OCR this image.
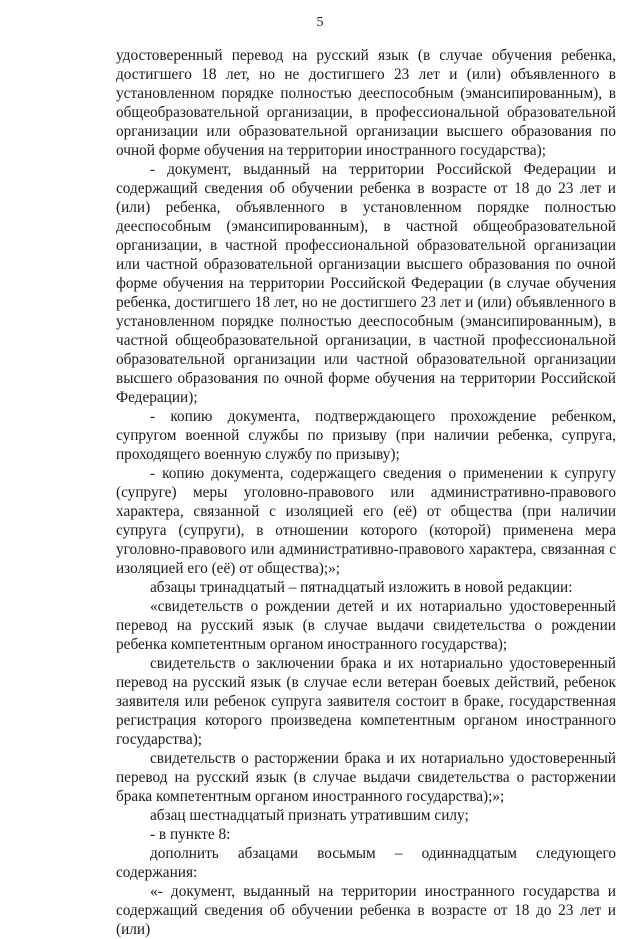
5

удостоверенный перевод на русский язык (в случае обучения ребенка, достигшего 18 лет, но не достигшего 23 лет и (или) объявленного в установленном порядке полностью дееспособным (эмансипированным), в общеобразовательной организации, в профессиональной образовательной организации или образовательной организации высшего образования по очной форме обучения на территории иностранного государства);

- документ, выданный на территории Российской Федерации и содержащий сведения об обучении ребенка в возрасте от 18 до 23 лет и (или) ребенка, объявленного в установленном порядке полностью дееспособным (эмансипированным), в частной общеобразовательной организации, в частной профессиональной образовательной организации или частной образовательной организации высшего образования по очной форме обучения на территории Российской Федерации (в случае обучения ребенка, достигшего 18 лет, но не достигшего 23 лет и (или) объявленного в установленном порядке полностью дееспособным (эмансипированным), в частной общеобразовательной организации, в частной профессиональной образовательной организации или частной образовательной организации высшего образования по очной форме обучения на территории Российской Федерации);

- копию документа, подтверждающего прохождение ребенком, супругом военной службы по призыву (при наличии ребенка, супруга, проходящего военную службу по призыву);

- копию документа, содержащего сведения о применении к супругу (супруге) меры уголовно-правового или административно-правового характера, связанной с изоляцией его (её) от общества (при наличии супруга (супруги), в отношении которого (которой) применена мера уголовно-правового или административно-правового характера, связанная с изоляцией его (её) от общества);»;

абзацы тринадцатый – пятнадцатый изложить в новой редакции:

«свидетельств о рождении детей и их нотариально удостоверенный перевод на русский язык (в случае выдачи свидетельства о рождении ребенка компетентным органом иностранного государства);

свидетельств о заключении брака и их нотариально удостоверенный перевод на русский язык (в случае если ветеран боевых действий, ребенок заявителя или ребенок супруга заявителя состоит в браке, государственная регистрация которого произведена компетентным органом иностранного государства);

свидетельств о расторжении брака и их нотариально удостоверенный перевод на русский язык (в случае выдачи свидетельства о расторжении брака компетентным органом иностранного государства);»;

абзац шестнадцатый признать утратившим силу;

- в пункте 8:

дополнить абзацами восьмым – одиннадцатым следующего содержания:

«- документ, выданный на территории иностранного государства и содержащий сведения об обучении ребенка в возрасте от 18 до 23 лет и (или)
